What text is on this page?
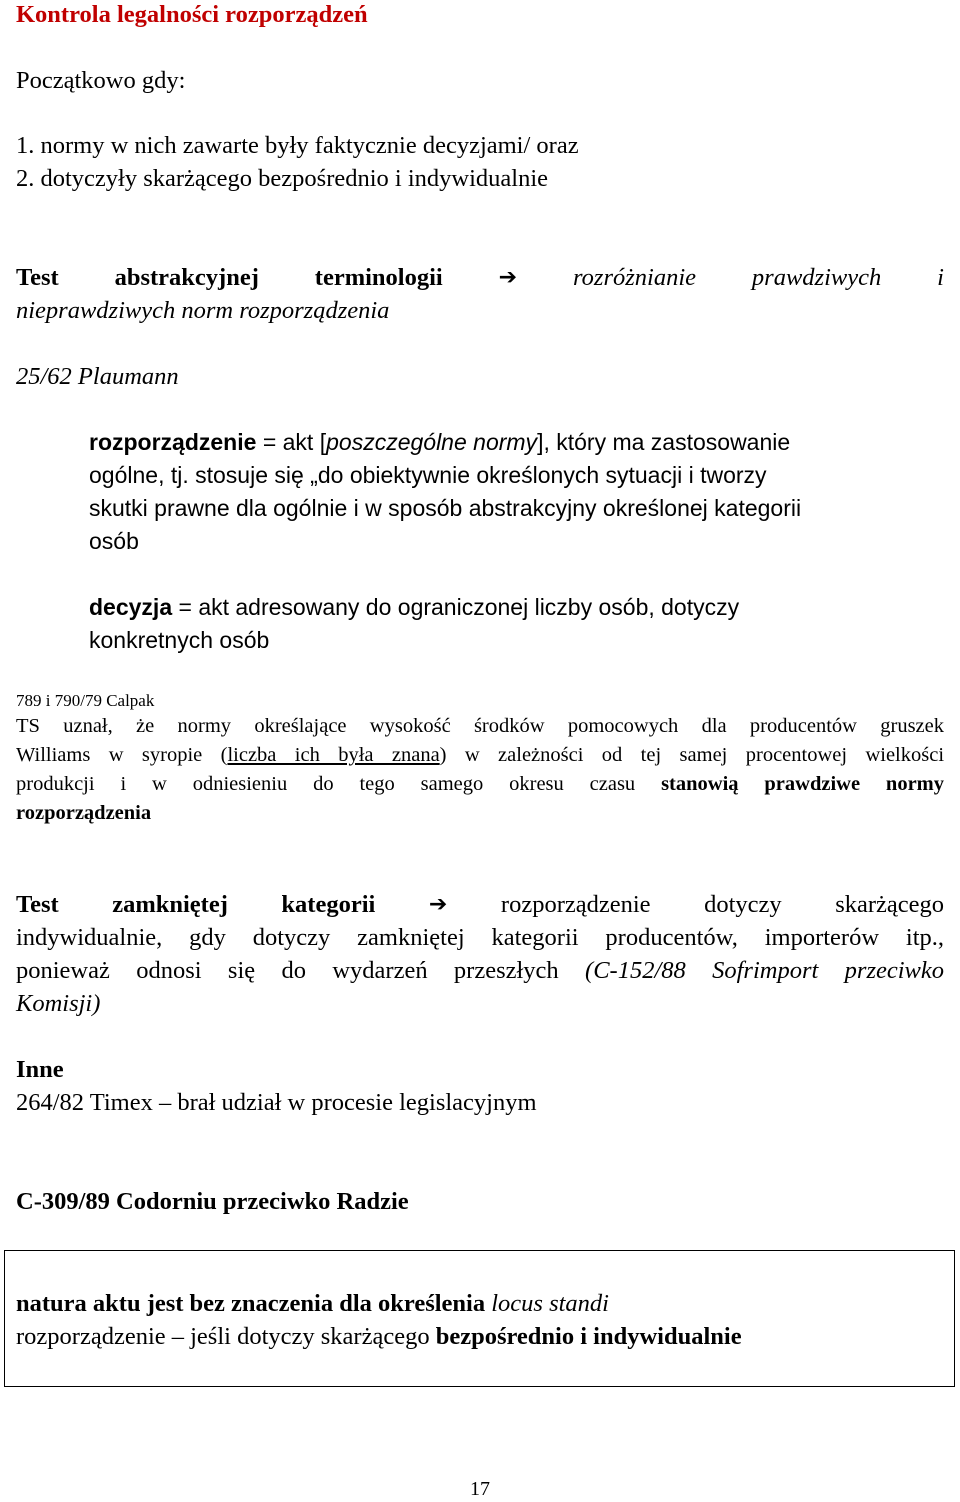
Kontrola legalności rozporządzeń
Początkowo gdy:
1. normy w nich zawarte były faktycznie decyzjami/ oraz
2. dotyczyły skarżącego bezpośrednio i indywidualnie
Test abstrakcyjnej terminologii	➔ rozróżnianie prawdziwych i
nieprawdziwych norm rozporządzenia
25/62 Plaumann
rozporządzenie = akt [poszczególne normy], który ma zastosowanie
ogólne, tj. stosuje się „do obiektywnie określonych sytuacji i tworzy
skutki prawne dla ogólnie i w sposób abstrakcyjny określonej kategorii
osób
decyzja = akt adresowany do ograniczonej liczby osób, dotyczy
konkretnych osób
789 i 790/79 Calpak
TS uznał, że normy określające wysokość środków pomocowych dla producentów gruszek
Williams w syropie (liczba ich była znana) w zależności od tej samej procentowej wielkości
produkcji i w odniesieniu do tego samego okresu czasu stanowią prawdziwe normy
rozporządzenia
Test zamkniętej kategorii ➔ rozporządzenie dotyczy skarżącego
indywidualnie, gdy dotyczy zamkniętej kategorii producentów, importerów itp.,
ponieważ odnosi się do wydarzeń przeszłych (C-152/88 Sofrimport przeciwko
Komisji)
Inne
264/82 Timex – brał udział w procesie legislacyjnym
C-309/89 Codorniu przeciwko Radzie
natura aktu jest bez znaczenia dla określenia locus standi
rozporządzenie – jeśli dotyczy skarżącego bezpośrednio i indywidualnie
17
